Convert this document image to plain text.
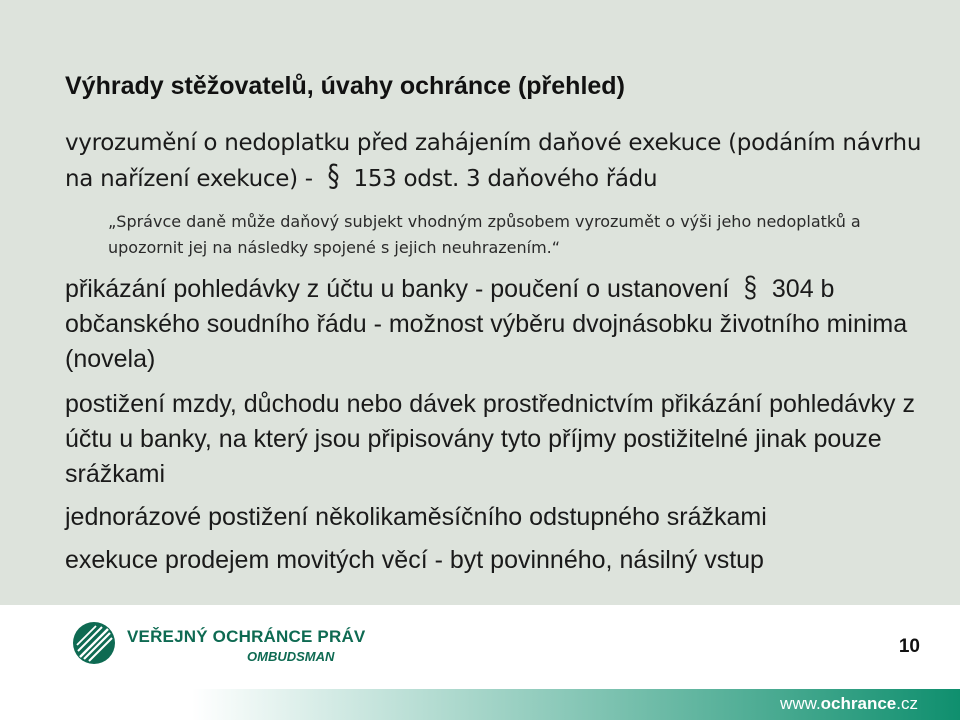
Výhrady stěžovatelů, úvahy ochránce (přehled)
vyrozumění o nedoplatku před zahájením daňové exekuce (podáním návrhu na nařízení exekuce) - § 153 odst. 3 daňového řádu
„Správce daně může daňový subjekt vhodným způsobem vyrozumět o výši jeho nedoplatků a upozornit jej na následky spojené s jejich neuhrazením.“
přikázání pohledávky z účtu u banky - poučení o ustanovení § 304 b občanského soudního řádu - možnost výběru dvojnásobku životního minima (novela)
postižení mzdy, důchodu nebo dávek prostřednictvím přikázání pohledávky z účtu u banky, na který jsou připisovány tyto příjmy postižitelné jinak pouze srážkami
jednorázové postižení několikaměsíčního odstupného srážkami
exekuce prodejem movitých věcí - byt povinného, násilný vstup
VEŘEJNÝ OCHRÁNCE PRÁV
OMBUDSMAN	10
www.ochrance.cz
